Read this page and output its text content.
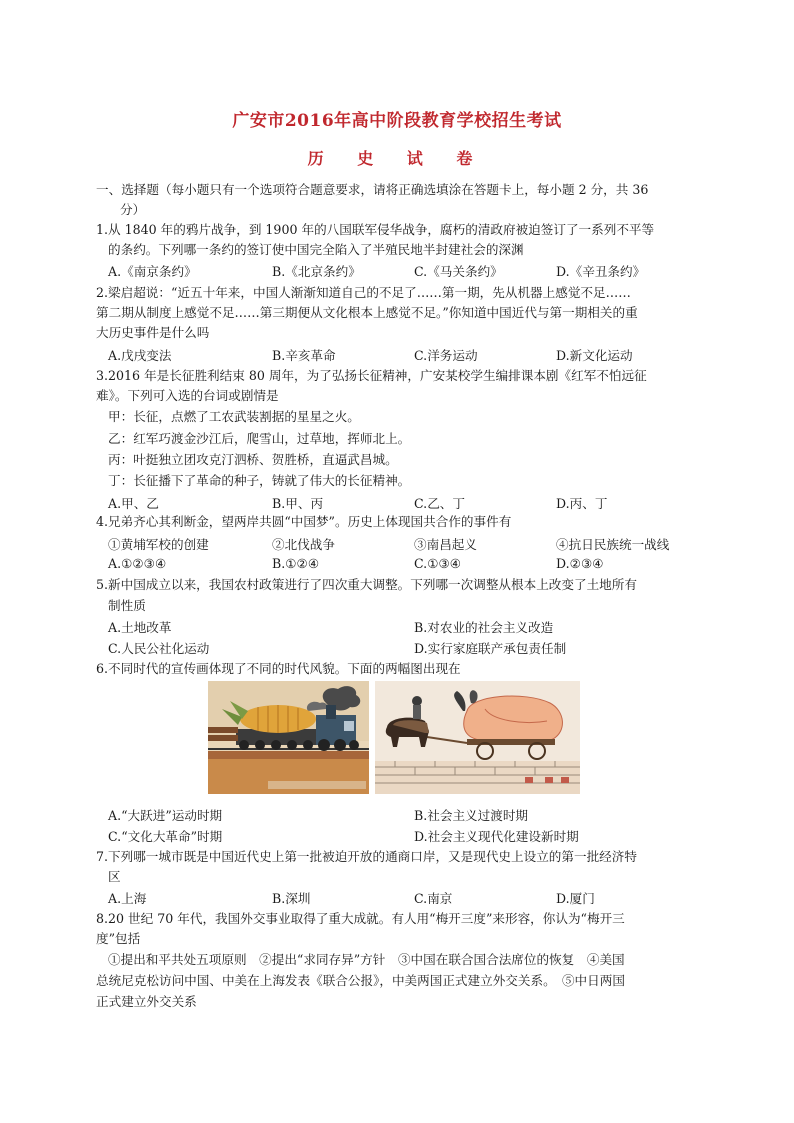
广安市2016年高中阶段教育学校招生考试
历 史 试 卷
一、选择题（每小题只有一个选项符合题意要求，请将正确选填涂在答题卡上，每小题 2 分，共 36
分）
1.从 1840 年的鸦片战争，到 1900 年的八国联军侵华战争，腐朽的清政府被迫签订了一系列不平等
的条约。下列哪一条约的签订使中国完全陷入了半殖民地半封建社会的深渊
A.《南京条约》	B.《北京条约》	C.《马关条约》	D.《辛丑条约》
2.梁启超说：“近五十年来，中国人渐渐知道自己的不足了……第一期，先从机器上感觉不足……
第二期从制度上感觉不足……第三期便从文化根本上感觉不足。”你知道中国近代与第一期相关的重
大历史事件是什么吗
A.戊戌变法	B.辛亥革命	C.洋务运动	D.新文化运动
3.2016 年是长征胜利结束 80 周年，为了弘扬长征精神，广安某校学生编排课本剧《红军不怕远征
难》。下列可入选的台词或剧情是
甲：长征，点燃了工农武装割据的星星之火。
乙：红军巧渡金沙江后，爬雪山，过草地，挥师北上。
丙：叶挺独立团攻克汀泗桥、贺胜桥，直逼武昌城。
丁：长征播下了革命的种子，铸就了伟大的长征精神。
A.甲、乙	B.甲、丙	C.乙、丁	D.丙、丁
4.兄弟齐心其利断金，望两岸共圆“中国梦”。历史上体现国共合作的事件有
①黄埔军校的创建	②北伐战争	③南昌起义	④抗日民族统一战线
A.①②③④	B.①②④	C.①③④	D.②③④
5.新中国成立以来，我国农村政策进行了四次重大调整。下列哪一次调整从根本上改变了土地所有
制性质
A.土地改革	B.对农业的社会主义改造
C.人民公社化运动	D.实行家庭联产承包责任制
6.不同时代的宣传画体现了不同的时代风貌。下面的两幅图出现在
A.“大跃进”运动时期	B.社会主义过渡时期
C.“文化大革命”时期	D.社会主义现代化建设新时期
7.下列哪一城市既是中国近代史上第一批被迫开放的通商口岸，又是现代史上设立的第一批经济特
区
A.上海	B.深圳	C.南京	D.厦门
8.20 世纪 70 年代，我国外交事业取得了重大成就。有人用“梅开三度”来形容，你认为“梅开三
度”包括
①提出和平共处五项原则　②提出“求同存异”方针　③中国在联合国合法席位的恢复　④美国
总统尼克松访问中国、中美在上海发表《联合公报》，中美两国正式建立外交关系。　⑤中日两国
正式建立外交关系
